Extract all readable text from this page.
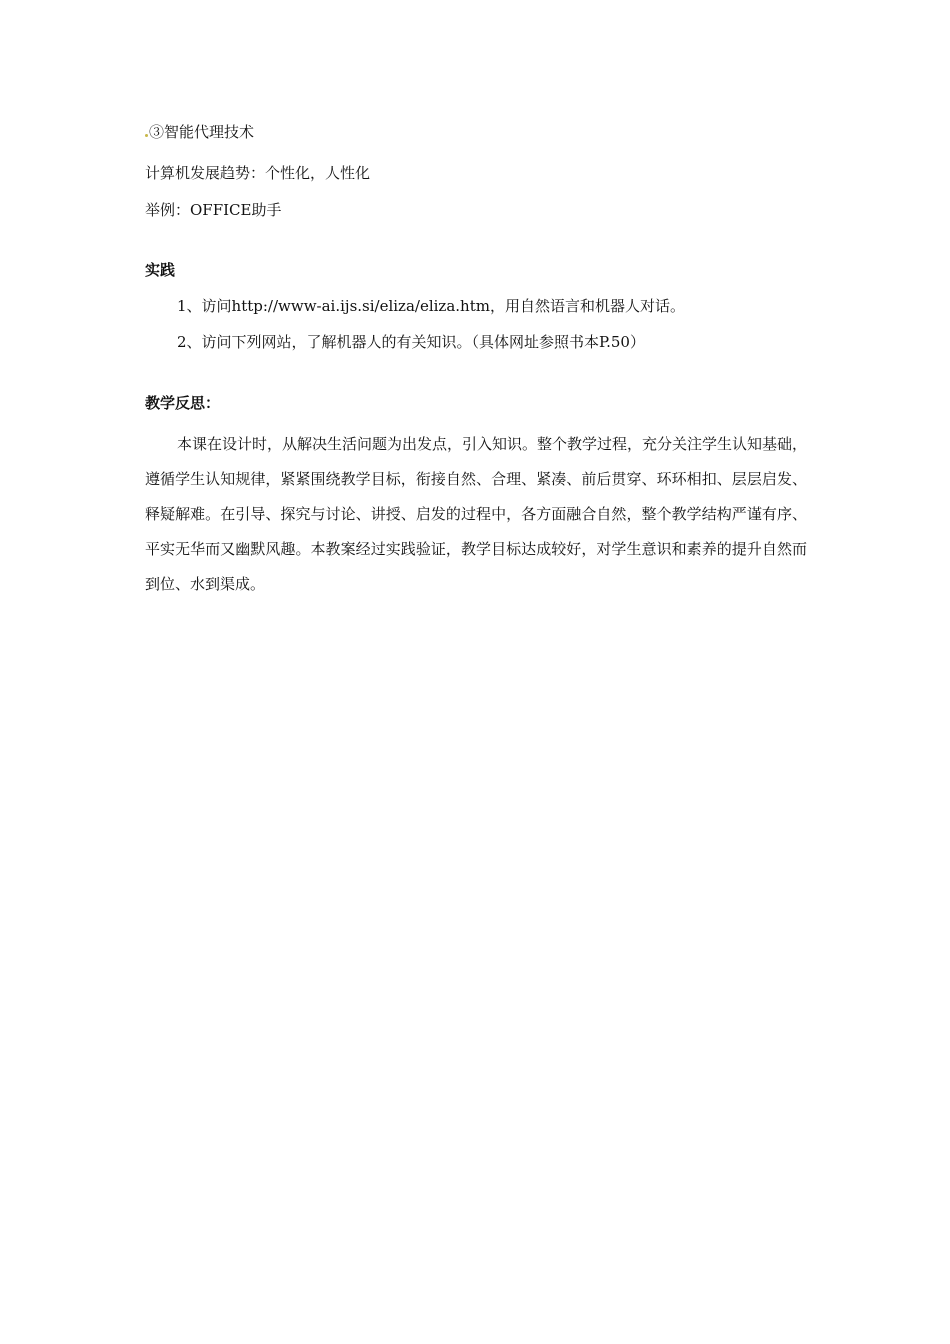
③智能代理技术
计算机发展趋势：个性化，人性化
举例：OFFICE助手
实践
1、访问http://www-ai.ijs.si/eliza/eliza.htm，用自然语言和机器人对话。
2、访问下列网站，了解机器人的有关知识。（具体网址参照书本P.50）
教学反思：
本课在设计时，从解决生活问题为出发点，引入知识。整个教学过程，充分关注学生认知基础，遵循学生认知规律，紧紧围绕教学目标，衔接自然、合理、紧凑、前后贯穿、环环相扣、层层启发、释疑解难。在引导、探究与讨论、讲授、启发的过程中，各方面融合自然，整个教学结构严谨有序、平实无华而又幽默风趣。本教案经过实践验证，教学目标达成较好，对学生意识和素养的提升自然而到位、水到渠成。
